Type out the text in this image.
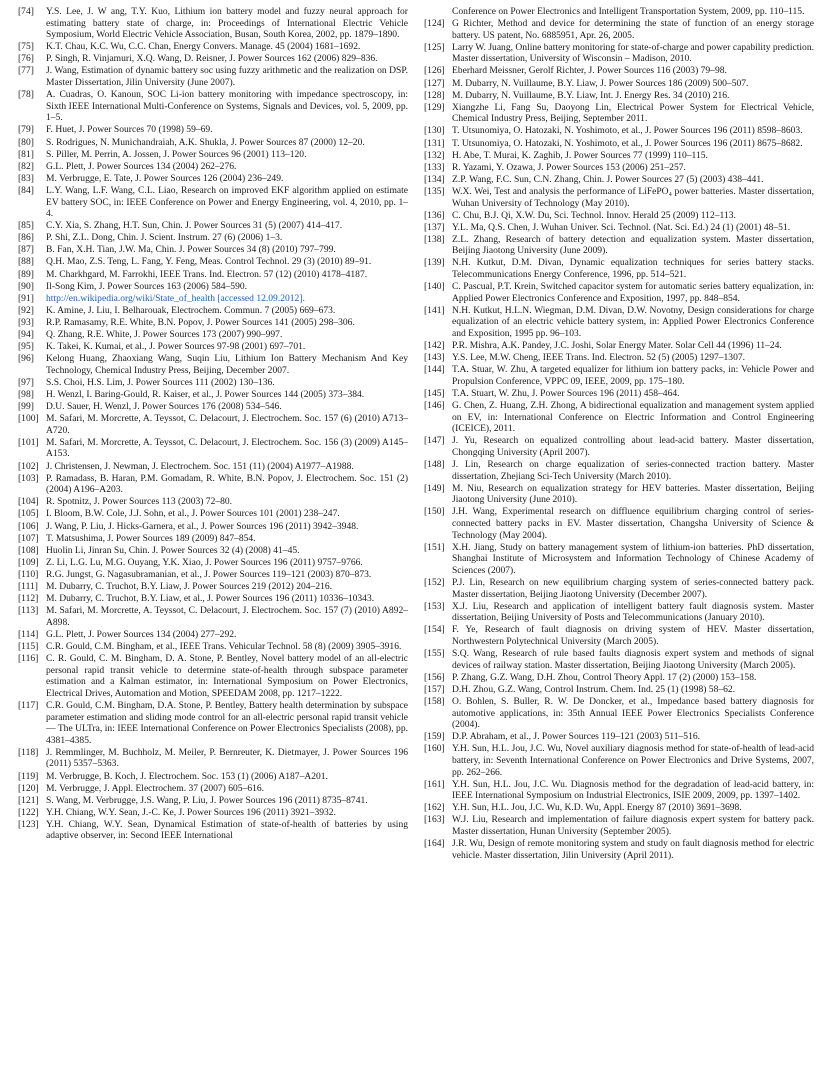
[74]	Y.S. Lee, J. W ang, T.Y. Kuo, Lithium ion battery model and fuzzy neural approach for estimating battery state of charge, in: Proceedings of International Electric Vehicle Symposium, World Electric Vehicle Association, Busan, South Korea, 2002, pp. 1879–1890.
[75]	K.T. Chau, K.C. Wu, C.C. Chan, Energy Convers. Manage. 45 (2004) 1681–1692.
[76]	P. Singh, R. Vinjamuri, X.Q. Wang, D. Reisner, J. Power Sources 162 (2006) 829–836.
[77]	J. Wang, Estimation of dynamic battery soc using fuzzy arithmetic and the realization on DSP. Master Dissertation, Jilin University (June 2007).
[78]	A. Cuadras, O. Kanoun, SOC Li-ion battery monitoring with impedance spectroscopy, in: Sixth IEEE International Multi-Conference on Systems, Signals and Devices, vol. 5, 2009, pp. 1–5.
[79]	F. Huet, J. Power Sources 70 (1998) 59–69.
[80]	S. Rodrigues, N. Munichandraiah, A.K. Shukla, J. Power Sources 87 (2000) 12–20.
[81]	S. Piller, M. Perrin, A. Jossen, J. Power Sources 96 (2001) 113–120.
[82]	G.L. Plett, J. Power Sources 134 (2004) 262–276.
[83]	M. Verbrugge, E. Tate, J. Power Sources 126 (2004) 236–249.
[84]	L.Y. Wang, L.F. Wang, C.L. Liao, Research on improved EKF algorithm applied on estimate EV battery SOC, in: IEEE Conference on Power and Energy Engineering, vol. 4, 2010, pp. 1–4.
[85]	C.Y. Xia, S. Zhang, H.T. Sun, Chin. J. Power Sources 31 (5) (2007) 414–417.
[86]	P. Shi, Z.L. Dong, Chin. J. Scient. Instrum. 27 (6) (2006) 1–3.
[87]	B. Fan, X.H. Tian, J.W. Ma, Chin. J. Power Sources 34 (8) (2010) 797–799.
[88]	Q.H. Mao, Z.S. Teng, L. Fang, Y. Feng, Meas. Control Technol. 29 (3) (2010) 89–91.
[89]	M. Charkhgard, M. Farrokhi, IEEE Trans. Ind. Electron. 57 (12) (2010) 4178–4187.
[90]	Il-Song Kim, J. Power Sources 163 (2006) 584–590.
[91]	http://en.wikipedia.org/wiki/State_of_health [accessed 12.09.2012].
[92]	K. Amine, J. Liu, I. Belharouak, Electrochem. Commun. 7 (2005) 669–673.
[93]	R.P. Ramasamy, R.E. White, B.N. Popov, J. Power Sources 141 (2005) 298–306.
[94]	Q. Zhang, R.E. White, J. Power Sources 173 (2007) 990–997.
[95]	K. Takei, K. Kumai, et al., J. Power Sources 97-98 (2001) 697–701.
[96]	Kelong Huang, Zhaoxiang Wang, Suqin Liu, Lithium Ion Battery Mechanism And Key Technology, Chemical Industry Press, Beijing, December 2007.
[97]	S.S. Choi, H.S. Lim, J. Power Sources 111 (2002) 130–136.
[98]	H. Wenzl, I. Baring-Gould, R. Kaiser, et al., J. Power Sources 144 (2005) 373–384.
[99]	D.U. Sauer, H. Wenzl, J. Power Sources 176 (2008) 534–546.
[100] M. Safari, M. Morcrette, A. Teyssot, C. Delacourt, J. Electrochem. Soc. 157 (6) (2010) A713–A720.
[101] M. Safari, M. Morcrette, A. Teyssot, C. Delacourt, J. Electrochem. Soc. 156 (3) (2009) A145–A153.
[102] J. Christensen, J. Newman, J. Electrochem. Soc. 151 (11) (2004) A1977–A1988.
[103] P. Ramadass, B. Haran, P.M. Gomadam, R. White, B.N. Popov, J. Electrochem. Soc. 151 (2) (2004) A196–A203.
[104] R. Spotnitz, J. Power Sources 113 (2003) 72–80.
[105] I. Bloom, B.W. Cole, J.J. Sohn, et al., J. Power Sources 101 (2001) 238–247.
[106] J. Wang, P. Liu, J. Hicks-Garnera, et al., J. Power Sources 196 (2011) 3942–3948.
[107] T. Matsushima, J. Power Sources 189 (2009) 847–854.
[108] Huolin Li, Jinran Su, Chin. J. Power Sources 32 (4) (2008) 41–45.
[109] Z. Li, L.G. Lu, M.G. Ouyang, Y.K. Xiao, J. Power Sources 196 (2011) 9757–9766.
[110] R.G. Jungst, G. Nagasubramanian, et al., J. Power Sources 119–121 (2003) 870–873.
[111] M. Dubarry, C. Truchot, B.Y. Liaw, J. Power Sources 219 (2012) 204–216.
[112] M. Dubarry, C. Truchot, B.Y. Liaw, et al., J. Power Sources 196 (2011) 10336–10343.
[113] M. Safari, M. Morcrette, A. Teyssot, C. Delacourt, J. Electrochem. Soc. 157 (7) (2010) A892–A898.
[114] G.L. Plett, J. Power Sources 134 (2004) 277–292.
[115] C.R. Gould, C.M. Bingham, et al., IEEE Trans. Vehicular Technol. 58 (8) (2009) 3905–3916.
[116] C. R. Gould, C. M. Bingham, D. A. Stone, P. Bentley, Novel battery model of an all-electric personal rapid transit vehicle to determine state-of-health through subspace parameter estimation and a Kalman estimator, in: International Symposium on Power Electronics, Electrical Drives, Automation and Motion, SPEEDAM 2008, pp. 1217–1222.
[117] C.R. Gould, C.M. Bingham, D.A. Stone, P. Bentley, Battery health determination by subspace parameter estimation and sliding mode control for an all-electric personal rapid transit vehicle — The ULTra, in: IEEE International Conference on Power Electronics Specialists (2008), pp. 4381–4385.
[118] J. Remmlinger, M. Buchholz, M. Meiler, P. Bernreuter, K. Dietmayer, J. Power Sources 196 (2011) 5357–5363.
[119] M. Verbrugge, B. Koch, J. Electrochem. Soc. 153 (1) (2006) A187–A201.
[120] M. Verbrugge, J. Appl. Electrochem. 37 (2007) 605–616.
[121] S. Wang, M. Verbrugge, J.S. Wang, P. Liu, J. Power Sources 196 (2011) 8735–8741.
[122] Y.H. Chiang, W.Y. Sean, J.-C. Ke, J. Power Sources 196 (2011) 3921–3932.
[123] Y.H. Chiang, W.Y. Sean, Dynamical Estimation of state-of-health of batteries by using adaptive observer, in: Second IEEE International
Conference on Power Electronics and Intelligent Transportation System, 2009, pp. 110–115.
[124] G Richter, Method and device for determining the state of function of an energy storage battery. US patent, No. 6885951, Apr. 26, 2005.
[125] Larry W. Juang, Online battery monitoring for state-of-charge and power capability prediction. Master dissertation, University of Wisconsin – Madison, 2010.
[126] Eberhard Meissner, Gerolf Richter, J. Power Sources 116 (2003) 79–98.
[127] M. Dubarry, N. Vuillaume, B.Y. Liaw, J. Power Sources 186 (2009) 500–507.
[128] M. Dubarry, N. Vuillaume, B.Y. Liaw, Int. J. Energy Res. 34 (2010) 216.
[129] Xiangzhe Li, Fang Su, Daoyong Lin, Electrical Power System for Electrical Vehicle, Chemical Industry Press, Beijing, September 2011.
[130] T. Utsunomiya, O. Hatozaki, N. Yoshimoto, et al., J. Power Sources 196 (2011) 8598–8603.
[131] T. Utsunomiya, O. Hatozaki, N. Yoshimoto, et al., J. Power Sources 196 (2011) 8675–8682.
[132] H. Abe, T. Murai, K. Zaghib, J. Power Sources 77 (1999) 110–115.
[133] R. Yazami, Y. Ozawa, J. Power Sources 153 (2006) 251–257.
[134] Z.P. Wang, F.C. Sun, C.N. Zhang, Chin. J. Power Sources 27 (5) (2003) 438–441.
[135] W.X. Wei, Test and analysis the performance of LiFePO₄ power batteries. Master dissertation, Wuhan University of Technology (May 2010).
[136] C. Chu, B.J. Qi, X.W. Du, Sci. Technol. Innov. Herald 25 (2009) 112–113.
[137] Y.L. Ma, Q.S. Chen, J. Wuhan Univer. Sci. Technol. (Nat. Sci. Ed.) 24 (1) (2001) 48–51.
[138] Z.L. Zhang, Research of battery detection and equalization system. Master dissertation, Beijing Jiaotong University (June 2009).
[139] N.H. Kutkut, D.M. Divan, Dynamic equalization techniques for series battery stacks. Telecommunications Energy Conference, 1996, pp. 514–521.
[140] C. Pascual, P.T. Krein, Switched capacitor system for automatic series battery equalization, in: Applied Power Electronics Conference and Exposition, 1997, pp. 848–854.
[141] N.H. Kutkut, H.L.N. Wiegman, D.M. Divan, D.W. Novotny, Design considerations for charge equalization of an electric vehicle battery system, in: Applied Power Electronics Conference and Exposition, 1995 pp. 96–103.
[142] P.R. Mishra, A.K. Pandey, J.C. Joshi, Solar Energy Mater. Solar Cell 44 (1996) 11–24.
[143] Y.S. Lee, M.W. Cheng, IEEE Trans. Ind. Electron. 52 (5) (2005) 1297–1307.
[144] T.A. Stuar, W. Zhu, A targeted equalizer for lithium ion battery packs, in: Vehicle Power and Propulsion Conference, VPPC 09, IEEE, 2009, pp. 175–180.
[145] T.A. Stuart, W. Zhu, J. Power Sources 196 (2011) 458–464.
[146] G. Chen, Z. Huang, Z.H. Zhong, A bidirectional equalization and management system applied on EV, in: International Conference on Electric Information and Control Engineering (ICEICE), 2011.
[147] J. Yu, Research on equalized controlling about lead-acid battery. Master dissertation, Chongqing University (April 2007).
[148] J. Lin, Research on charge equalization of series-connected traction battery. Master dissertation, Zhejiang Sci-Tech University (March 2010).
[149] M. Niu, Research on equalization strategy for HEV batteries. Master dissertation, Beijing Jiaotong University (June 2010).
[150] J.H. Wang, Experimental research on diffluence equilibrium charging control of series-connected battery packs in EV. Master dissertation, Changsha University of Science & Technology (May 2004).
[151] X.H. Jiang, Study on battery management system of lithium-ion batteries. PhD dissertation, Shanghai Institute of Microsystem and Information Technology of Chinese Academy of Sciences (2007).
[152] P.J. Lin, Research on new equilibrium charging system of series-connected battery pack. Master dissertation, Beijing Jiaotong University (December 2007).
[153] X.J. Liu, Research and application of intelligent battery fault diagnosis system. Master dissertation, Beijing University of Posts and Telecommunications (January 2010).
[154] F. Ye, Research of fault diagnosis on driving system of HEV. Master dissertation, Northwestern Polytechnical University (March 2005).
[155] S.Q. Wang, Research of rule based faults diagnosis expert system and methods of signal devices of railway station. Master dissertation, Beijing Jiaotong University (March 2005).
[156] P. Zhang, G.Z. Wang, D.H. Zhou, Control Theory Appl. 17 (2) (2000) 153–158.
[157] D.H. Zhou, G.Z. Wang, Control Instrum. Chem. Ind. 25 (1) (1998) 58–62.
[158] O. Bohlen, S. Buller, R. W. De Doncker, et al., Impedance based battery diagnosis for automotive applications, in: 35th Annual IEEE Power Electronics Specialists Conference (2004).
[159] D.P. Abraham, et al., J. Power Sources 119–121 (2003) 511–516.
[160] Y.H. Sun, H.L. Jou, J.C. Wu, Novel auxiliary diagnosis method for state-of-health of lead-acid battery, in: Seventh International Conference on Power Electronics and Drive Systems, 2007, pp. 262–266.
[161] Y.H. Sun, H.L. Jou, J.C. Wu. Diagnosis method for the degradation of lead-acid battery, in: IEEE International Symposium on Industrial Electronics, ISIE 2009, 2009, pp. 1397–1402.
[162] Y.H. Sun, H.L. Jou, J.C. Wu, K.D. Wu, Appl. Energy 87 (2010) 3691–3698.
[163] W.J. Liu, Research and implementation of failure diagnosis expert system for battery pack. Master dissertation, Hunan University (September 2005).
[164] J.R. Wu, Design of remote monitoring system and study on fault diagnosis method for electric vehicle. Master dissertation, Jilin University (April 2011).
